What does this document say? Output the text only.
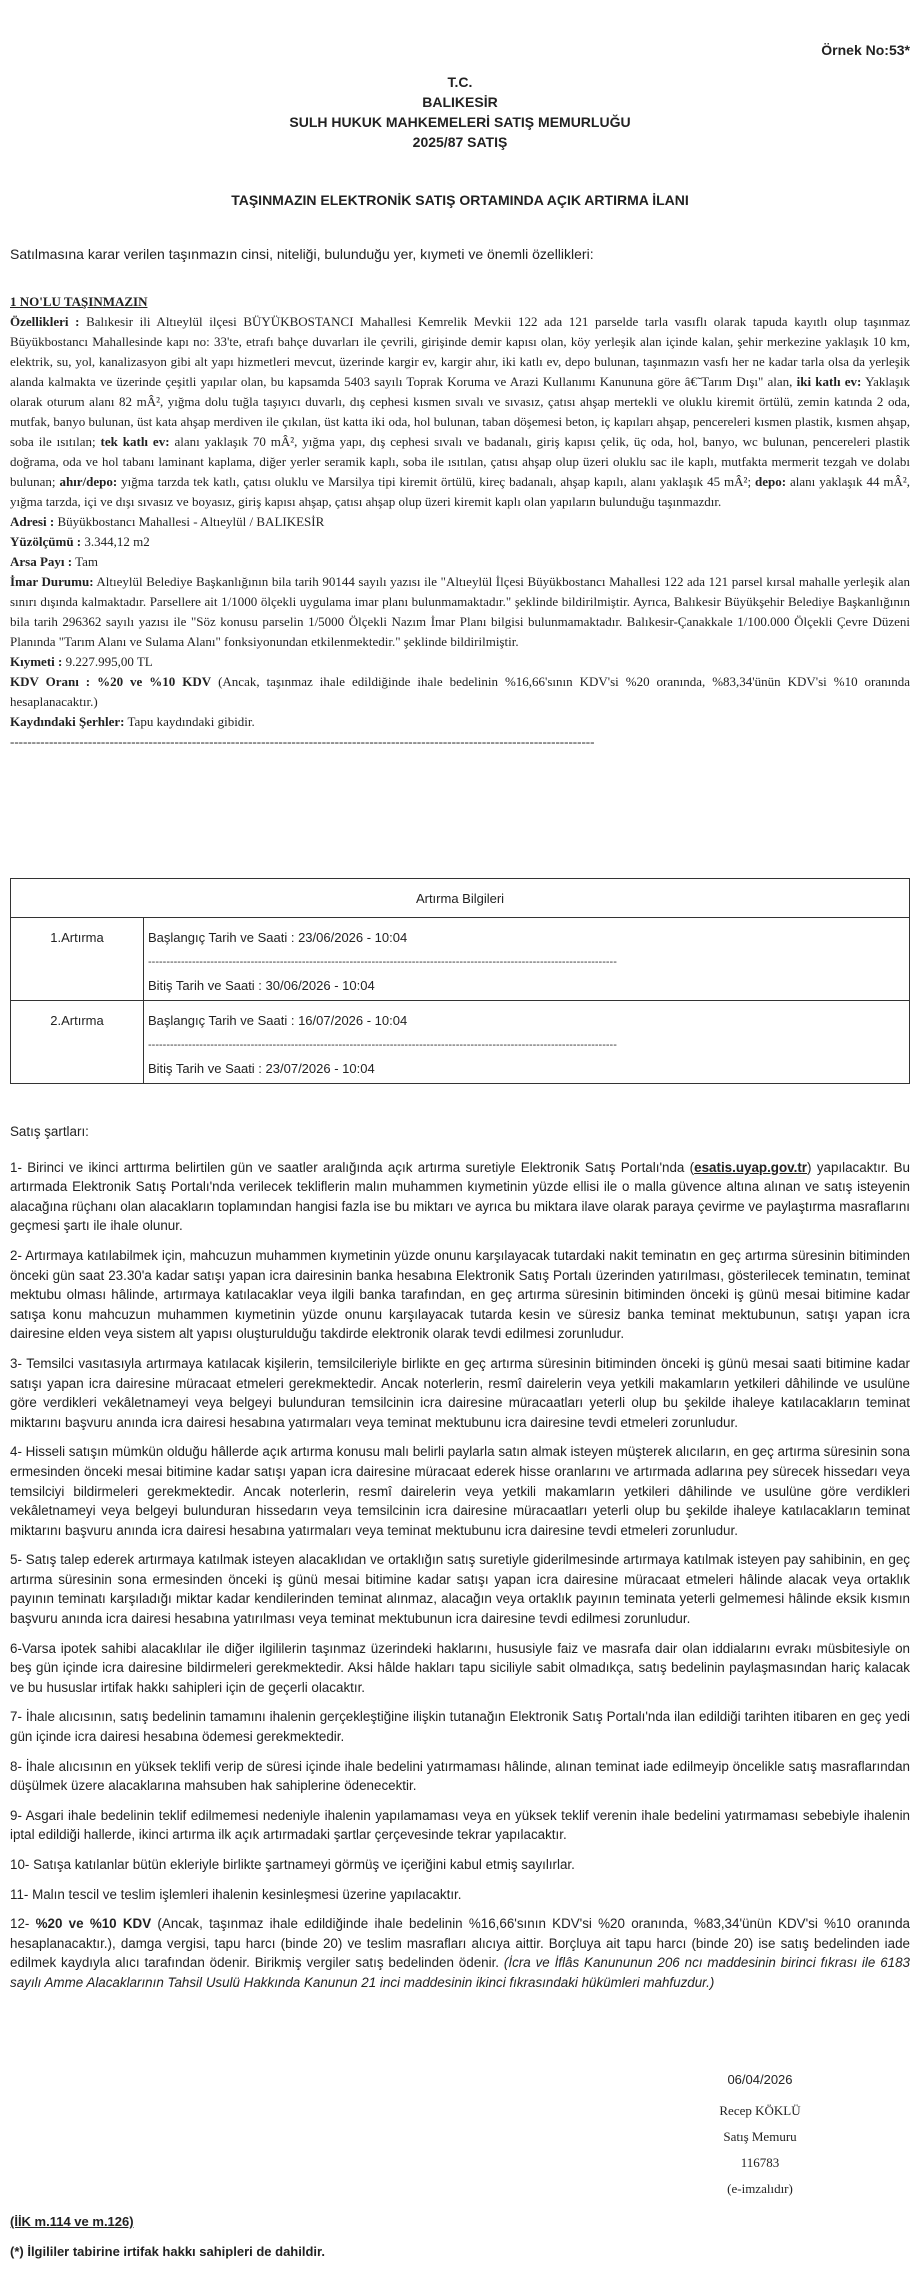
Örnek No:53*
T.C.
BALIKESİR
SULH HUKUK MAHKEMELERİ SATIŞ MEMURLUĞU
2025/87 SATIŞ
TAŞINMAZIN ELEKTRONİK SATIŞ ORTAMINDA AÇIK ARTIRMA İLANI
Satılmasına karar verilen taşınmazın cinsi, niteliği, bulunduğu yer, kıymeti ve önemli özellikleri:

1 NO'LU TAŞINMAZIN

Özellikleri : Balıkesir ili Altıeylül ilçesi BÜYÜKBOSTANCI Mahallesi Kemrelik Mevkii 122 ada 121 parselde tarla vasıflı olarak tapuda kayıtlı olup taşınmaz Büyükbostancı Mahallesinde kapı no: 33'te, etrafı bahçe duvarları ile çevrili, girişinde demir kapısı olan, köy yerleşik alan içinde kalan, şehir merkezine yaklaşık 10 km, elektrik, su, yol, kanalizasyon gibi alt yapı hizmetleri mevcut, üzerinde kargir ev, kargir ahır, iki katlı ev, depo bulunan, taşınmazın vasfı her ne kadar tarla olsa da yerleşik alanda kalmakta ve üzerinde çeşitli yapılar olan, bu kapsamda 5403 sayılı Toprak Koruma ve Arazi Kullanımı Kanununa göre â€˜Tarım Dışı" alan, iki katlı ev: Yaklaşık olarak oturum alanı 82 mÂ², yığma dolu tuğla taşıyıcı duvarlı, dış cephesi kısmen sıvalı ve sıvasız, çatısı ahşap mertekli ve oluklu kiremit örtülü, zemin katında 2 oda, mutfak, banyo bulunan, üst kata ahşap merdiven ile çıkılan, üst katta iki oda, hol bulunan, taban döşemesi beton, iç kapıları ahşap, pencereleri kısmen plastik, kısmen ahşap, soba ile ısıtılan; tek katlı ev: alanı yaklaşık 70 mÂ², yığma yapı, dış cephesi sıvalı ve badanalı, giriş kapısı çelik, üç oda, hol, banyo, wc bulunan, pencereleri plastik doğrama, oda ve hol tabanı laminant kaplama, diğer yerler seramik kaplı, soba ile ısıtılan, çatısı ahşap olup üzeri oluklu sac ile kaplı, mutfakta mermerit tezgah ve dolabı bulunan; ahır/depo: yığma tarzda tek katlı, çatısı oluklu ve Marsilya tipi kiremit örtülü, kireç badanalı, ahşap kapılı, alanı yaklaşık 45 mÂ²; depo: alanı yaklaşık 44 mÂ², yığma tarzda, içi ve dışı sıvasız ve boyasız, giriş kapısı ahşap, çatısı ahşap olup üzeri kiremit kaplı olan yapıların bulunduğu taşınmazdır.

Adresi : Büyükbostancı Mahallesi - Altıeylül / BALIKESİR

Yüzölçümü : 3.344,12 m2

Arsa Payı : Tam

İmar Durumu: Altıeylül Belediye Başkanlığının bila tarih 90144 sayılı yazısı ile "Altıeylül İlçesi Büyükbostancı Mahallesi 122 ada 121 parsel kırsal mahalle yerleşik alan sınırı dışında kalmaktadır. Parsellere ait 1/1000 ölçekli uygulama imar planı bulunmamaktadır." şeklinde bildirilmiştir. Ayrıca, Balıkesir Büyükşehir Belediye Başkanlığının bila tarih 296362 sayılı yazısı ile "Söz konusu parselin 1/5000 Ölçekli Nazım İmar Planı bilgisi bulunmamaktadır. Balıkesir-Çanakkale 1/100.000 Ölçekli Çevre Düzeni Planında "Tarım Alanı ve Sulama Alanı" fonksiyonundan etkilenmektedir." şeklinde bildirilmiştir.

Kıymeti : 9.227.995,00 TL

KDV Oranı : %20 ve %10 KDV (Ancak, taşınmaz ihale edildiğinde ihale bedelinin %16,66'sının KDV'si %20 oranında, %83,34'ünün KDV'si %10 oranında hesaplanacaktır.)

Kaydındaki Şerhler: Tapu kaydındaki gibidir.

---------------------------------------------------------------------------------------------------------------------------------------

Artırma Bilgileri	
1.Artırma	Başlangıç Tarih ve Saati : 23/06/2026 - 10:04
--------------------------------------------------------------------------------------------------------------------------------
Bitiş Tarih ve Saati : 30/06/2026 - 10:04

2.Artırma	Başlangıç Tarih ve Saati : 16/07/2026 - 10:04
--------------------------------------------------------------------------------------------------------------------------------
Bitiş Tarih ve Saati : 23/07/2026 - 10:04

Satış şartları:

1- Birinci ve ikinci arttırma belirtilen gün ve saatler aralığında açık artırma suretiyle Elektronik Satış Portalı'nda (esatis.uyap.gov.tr) yapılacaktır. Bu artırmada Elektronik Satış Portalı'nda verilecek tekliflerin malın muhammen kıymetinin yüzde ellisi ile o malla güvence altına alınan ve satış isteyenin alacağına rüçhanı olan alacakların toplamından hangisi fazla ise bu miktarı ve ayrıca bu miktara ilave olarak paraya çevirme ve paylaştırma masraflarını geçmesi şartı ile ihale olunur.

2- Artırmaya katılabilmek için, mahcuzun muhammen kıymetinin yüzde onunu karşılayacak tutardaki nakit teminatın en geç artırma süresinin bitiminden önceki gün saat 23.30'a kadar satışı yapan icra dairesinin banka hesabına Elektronik Satış Portalı üzerinden yatırılması, gösterilecek teminatın, teminat mektubu olması hâlinde, artırmaya katılacaklar veya ilgili banka tarafından, en geç artırma süresinin bitiminden önceki iş günü mesai bitimine kadar satışa konu mahcuzun muhammen kıymetinin yüzde onunu karşılayacak tutarda kesin ve süresiz banka teminat mektubunun, satışı yapan icra dairesine elden veya sistem alt yapısı oluşturulduğu takdirde elektronik olarak tevdi edilmesi zorunludur.

3- Temsilci vasıtasıyla artırmaya katılacak kişilerin, temsilcileriyle birlikte en geç artırma süresinin bitiminden önceki iş günü mesai saati bitimine kadar satışı yapan icra dairesine müracaat etmeleri gerekmektedir. Ancak noterlerin, resmî dairelerin veya yetkili makamların yetkileri dâhilinde ve usulüne göre verdikleri vekâletnameyi veya belgeyi bulunduran temsilcinin icra dairesine müracaatları yeterli olup bu şekilde ihaleye katılacakların teminat miktarını başvuru anında icra dairesi hesabına yatırmaları veya teminat mektubunu icra dairesine tevdi etmeleri zorunludur.

4- Hisseli satışın mümkün olduğu hâllerde açık artırma konusu malı belirli paylarla satın almak isteyen müşterek alıcıların, en geç artırma süresinin sona ermesinden önceki mesai bitimine kadar satışı yapan icra dairesine müracaat ederek hisse oranlarını ve artırmada adlarına pey sürecek hissedarı veya temsilciyi bildirmeleri gerekmektedir. Ancak noterlerin, resmî dairelerin veya yetkili makamların yetkileri dâhilinde ve usulüne göre verdikleri vekâletnameyi veya belgeyi bulunduran hissedarın veya temsilcinin icra dairesine müracaatları yeterli olup bu şekilde ihaleye katılacakların teminat miktarını başvuru anında icra dairesi hesabına yatırmaları veya teminat mektubunu icra dairesine tevdi etmeleri zorunludur.

5- Satış talep ederek artırmaya katılmak isteyen alacaklıdan ve ortaklığın satış suretiyle giderilmesinde artırmaya katılmak isteyen pay sahibinin, en geç artırma süresinin sona ermesinden önceki iş günü mesai bitimine kadar satışı yapan icra dairesine müracaat etmeleri hâlinde alacak veya ortaklık payının teminatı karşıladığı miktar kadar kendilerinden teminat alınmaz, alacağın veya ortaklık payının teminata yeterli gelmemesi hâlinde eksik kısmın başvuru anında icra dairesi hesabına yatırılması veya teminat mektubunun icra dairesine tevdi edilmesi zorunludur.

6-Varsa ipotek sahibi alacaklılar ile diğer ilgililerin taşınmaz üzerindeki haklarını, hususiyle faiz ve masrafa dair olan iddialarını evrakı müsbitesiyle on beş gün içinde icra dairesine bildirmeleri gerekmektedir. Aksi hâlde hakları tapu siciliyle sabit olmadıkça, satış bedelinin paylaşmasından hariç kalacak ve bu hususlar irtifak hakkı sahipleri için de geçerli olacaktır.

7- İhale alıcısının, satış bedelinin tamamını ihalenin gerçekleştiğine ilişkin tutanağın Elektronik Satış Portalı'nda ilan edildiği tarihten itibaren en geç yedi gün içinde icra dairesi hesabına ödemesi gerekmektedir.

8- İhale alıcısının en yüksek teklifi verip de süresi içinde ihale bedelini yatırmaması hâlinde, alınan teminat iade edilmeyip öncelikle satış masraflarından düşülmek üzere alacaklarına mahsuben hak sahiplerine ödenecektir.

9- Asgari ihale bedelinin teklif edilmemesi nedeniyle ihalenin yapılamaması veya en yüksek teklif verenin ihale bedelini yatırmaması sebebiyle ihalenin iptal edildiği hallerde, ikinci artırma ilk açık artırmadaki şartlar çerçevesinde tekrar yapılacaktır.

10- Satışa katılanlar bütün ekleriyle birlikte şartnameyi görmüş ve içeriğini kabul etmiş sayılırlar.

11- Malın tescil ve teslim işlemleri ihalenin kesinleşmesi üzerine yapılacaktır.

12- %20 ve %10 KDV (Ancak, taşınmaz ihale edildiğinde ihale bedelinin %16,66'sının KDV'si %20 oranında, %83,34'ünün KDV'si %10 oranında hesaplanacaktır.), damga vergisi, tapu harcı (binde 20) ve teslim masrafları alıcıya aittir. Borçluya ait tapu harcı (binde 20) ise satış bedelinden iade edilmek kaydıyla alıcı tarafından ödenir. Birikmiş vergiler satış bedelinden ödenir. (İcra ve İflâs Kanununun 206 ncı maddesinin birinci fıkrası ile 6183 sayılı Amme Alacaklarının Tahsil Usulü Hakkında Kanunun 21 inci maddesinin ikinci fıkrasındaki hükümleri mahfuzdur.)

06/04/2026
Recep KÖKLÜ
Satış Memuru
116783
(e-imzalıdır)
(İİK m.114 ve m.126)
(*) İlgililer tabirine irtifak hakkı sahipleri de dahildir.
